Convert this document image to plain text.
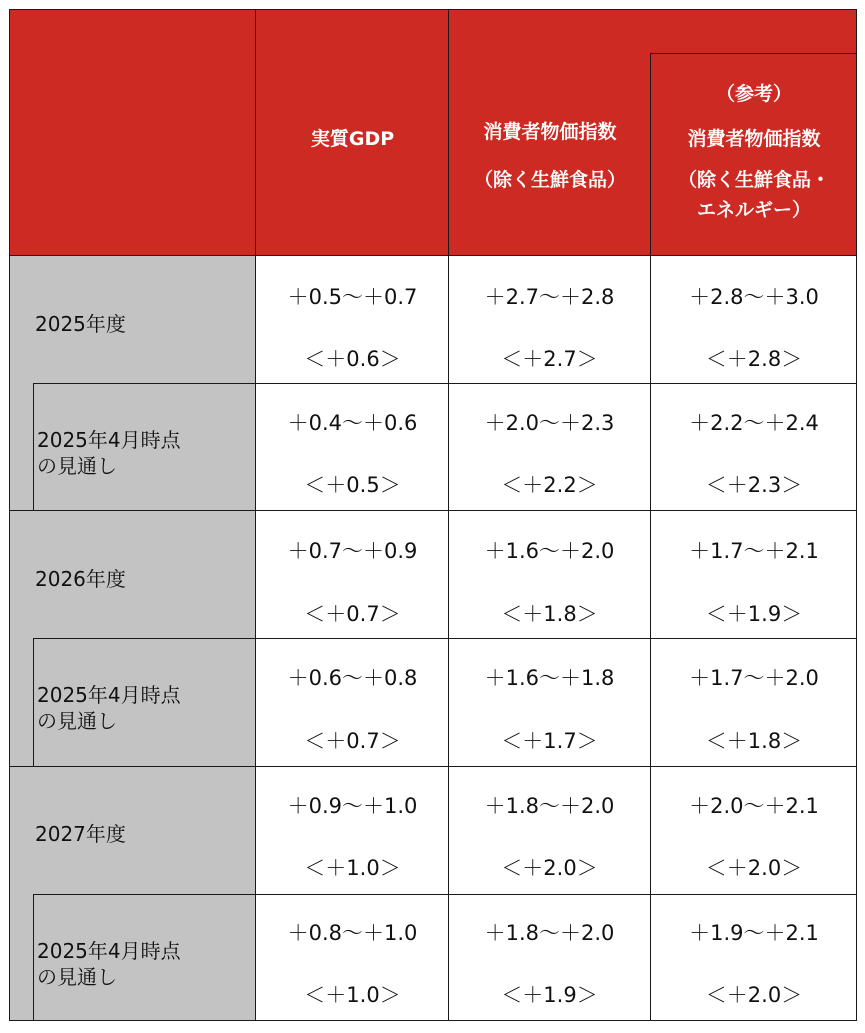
実質GDP	消費者物価指数
（除く生鮮食品）
（参考）
消費者物価指数
（除く生鮮食品・
エネルギー）
2025年度
2025年4月時点
の見通し
2026年度
2025年4月時点
の見通し
2027年度
2025年4月時点
の見通し
＋0.5～＋0.7
＜＋0.6＞
＋2.7～＋2.8
＜＋2.7＞
＋2.8～＋3.0
＜＋2.8＞
＋0.4～＋0.6
＜＋0.5＞
＋2.0～＋2.3
＜＋2.2＞
＋2.2～＋2.4
＜＋2.3＞
＋0.7～＋0.9
＜＋0.7＞
＋1.6～＋2.0
＜＋1.8＞
＋1.7～＋2.1
＜＋1.9＞
＋0.6～＋0.8
＜＋0.7＞
＋1.6～＋1.8
＜＋1.7＞
＋1.7～＋2.0
＜＋1.8＞
＋0.9～＋1.0
＜＋1.0＞
＋1.8～＋2.0
＜＋2.0＞
＋2.0～＋2.1
＜＋2.0＞
＋0.8～＋1.0
＜＋1.0＞
＋1.8～＋2.0
＜＋1.9＞
＋1.9～＋2.1
＜＋2.0＞
